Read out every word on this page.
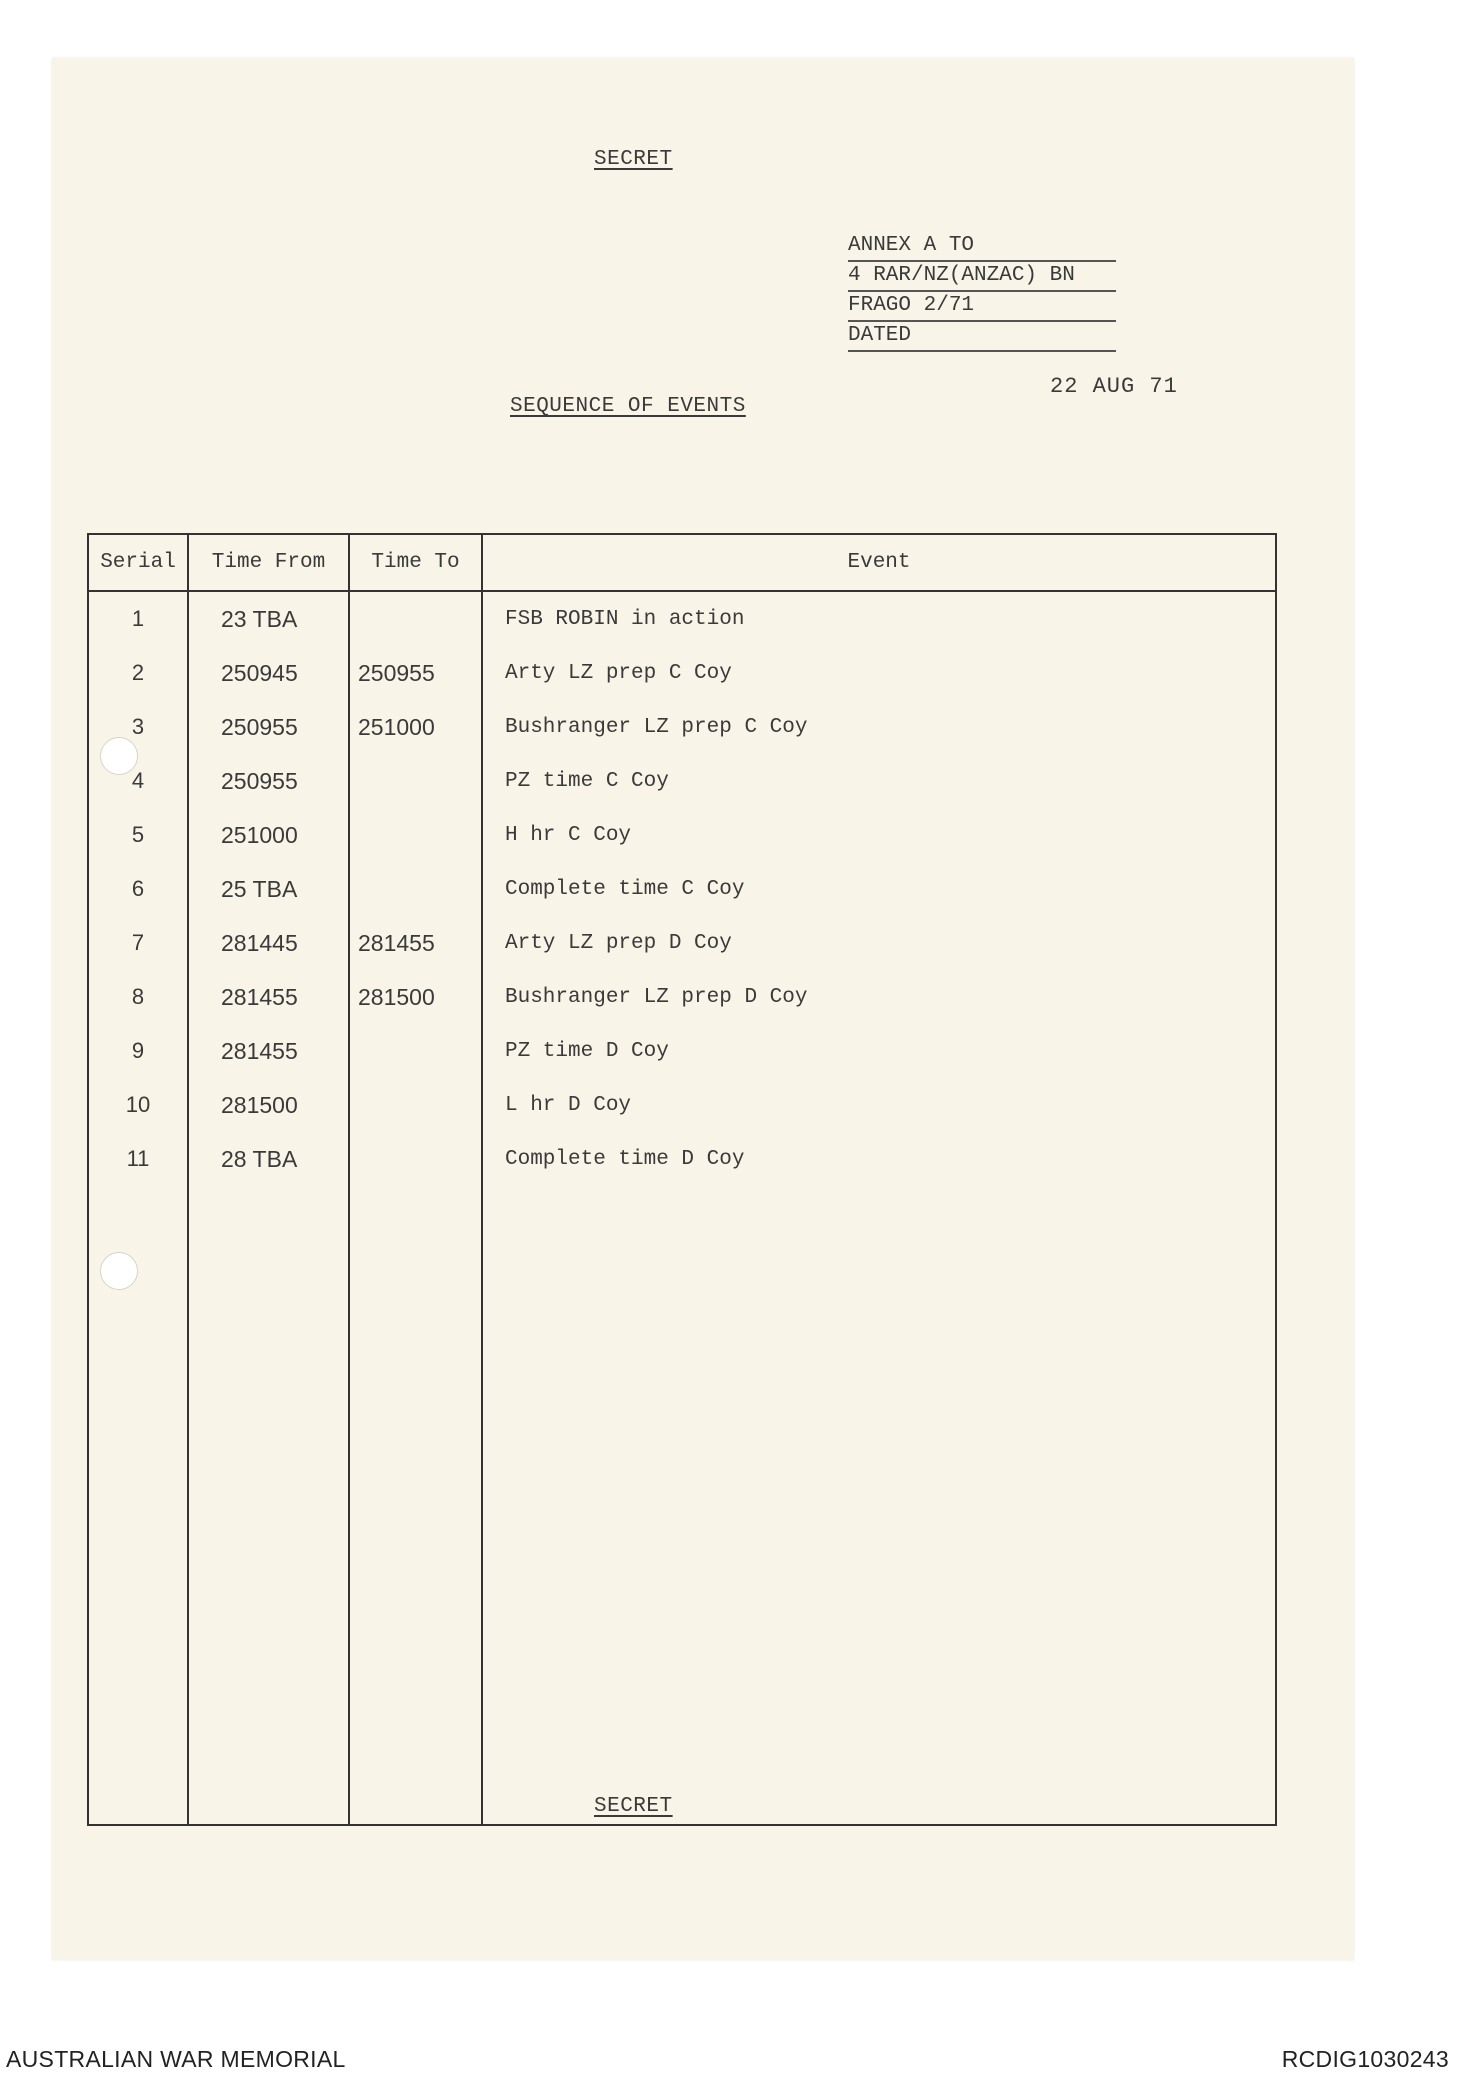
SECRET
ANNEX A TO
4 RAR/NZ(ANZAC) BN
FRAGO 2/71
DATED
22 AUG 71
SEQUENCE OF EVENTS
Serial	Time From	Time To	Event
1	23 TBA		FSB ROBIN in action
2	250945	250955	Arty LZ prep C Coy
3	250955	251000	Bushranger LZ prep C Coy
4	250955		PZ time C Coy
5	251000		H hr C Coy
6	25 TBA		Complete time C Coy
7	281445	281455	Arty LZ prep D Coy
8	281455	281500	Bushranger LZ prep D Coy
9	281455		PZ time D Coy
10	281500		L hr D Coy
11	28 TBA		Complete time D Coy

SECRET
AUSTRALIAN WAR MEMORIAL	RCDIG1030243
